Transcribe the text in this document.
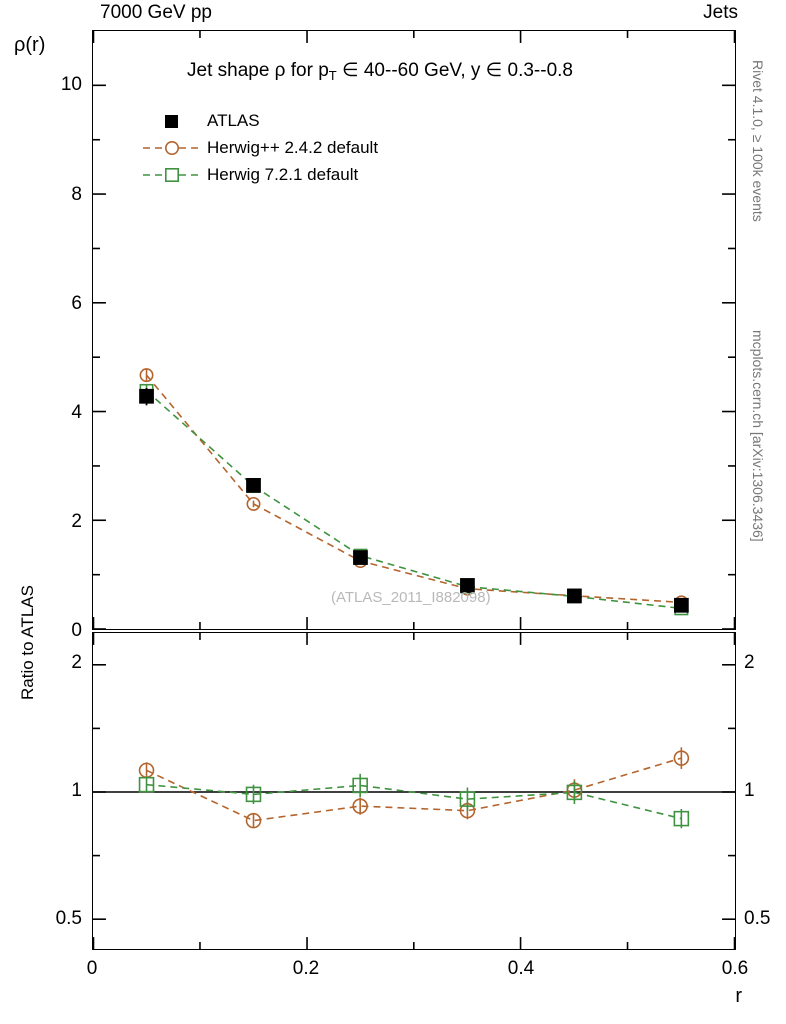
7000 GeV pp	Jets
Rivet 4.1.0, ≥ 100k events
mcplots.cern.ch [arXiv:1306.3436]
ρ(r)
Jet shape ρ for $p_T$ ∈ 40--60 GeV, y ∈ 0.3--0.8
ATLAS
Herwig++ 2.4.2 default
Herwig 7.2.1 default
(ATLAS_2011_I882098)
0
2
4
6
8
10
2
1
0.5
2
1
0.5
Ratio to ATLAS
0	0.2	0.4	0.6
r
